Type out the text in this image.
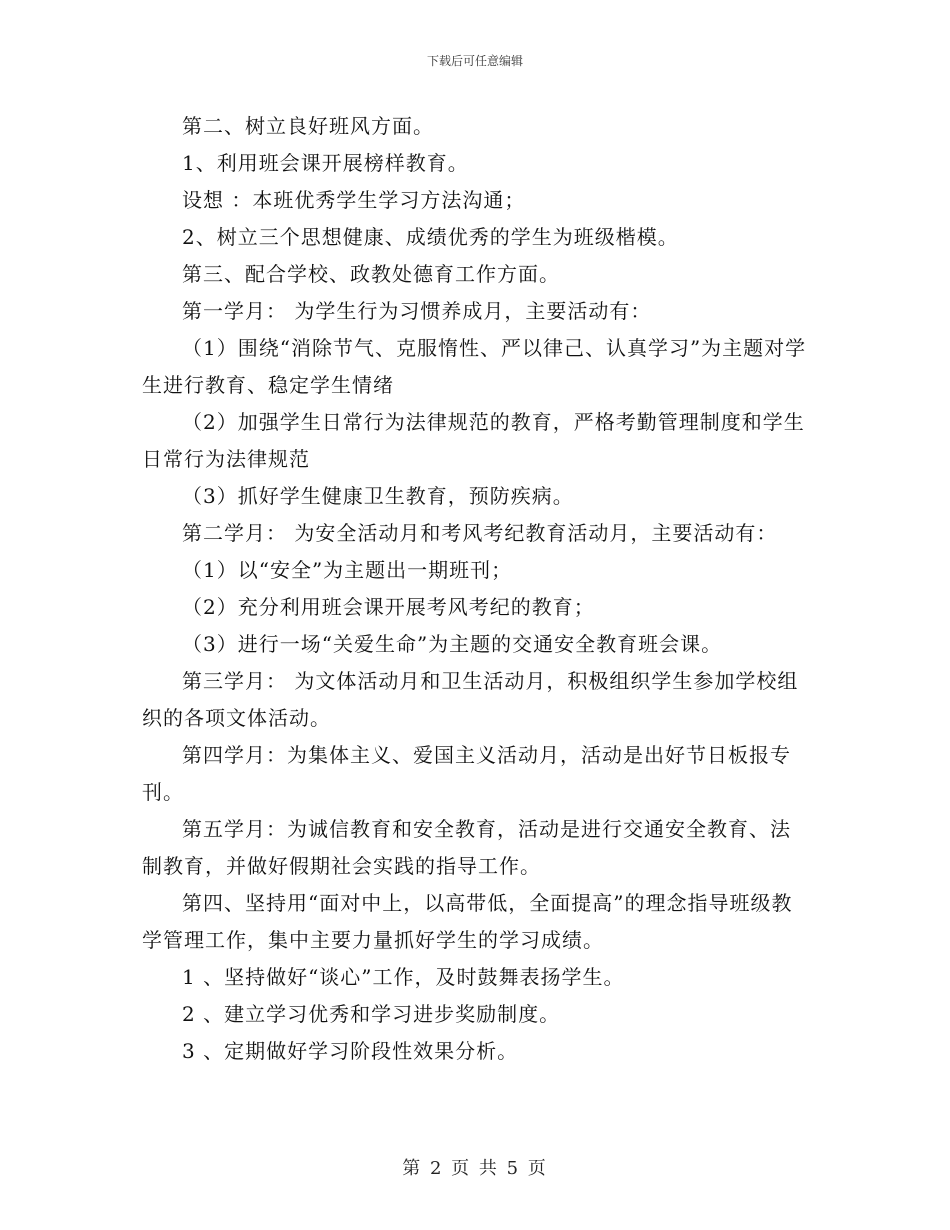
下载后可任意编辑

第二、树立良好班风方面。

1、利用班会课开展榜样教育。

设想 ：本班优秀学生学习方法沟通；

2、树立三个思想健康、成绩优秀的学生为班级楷模。

第三、配合学校、政教处德育工作方面。

第一学月： 为学生行为习惯养成月，主要活动有：

（1）围绕“消除节气、克服惰性、严以律己、认真学习”为主题对学生进行教育、稳定学生情绪

（2）加强学生日常行为法律规范的教育，严格考勤管理制度和学生日常行为法律规范

（3）抓好学生健康卫生教育，预防疾病。

第二学月： 为安全活动月和考风考纪教育活动月，主要活动有：

（1）以“安全”为主题出一期班刊；

（2）充分利用班会课开展考风考纪的教育；

（3）进行一场“关爱生命”为主题的交通安全教育班会课。

第三学月： 为文体活动月和卫生活动月，积极组织学生参加学校组织的各项文体活动。

第四学月：为集体主义、爱国主义活动月，活动是出好节日板报专刊。

第五学月：为诚信教育和安全教育，活动是进行交通安全教育、法制教育，并做好假期社会实践的指导工作。

第四、坚持用“面对中上，以高带低，全面提高”的理念指导班级教学管理工作，集中主要力量抓好学生的学习成绩。

1 、坚持做好“谈心”工作，及时鼓舞表扬学生。

2 、建立学习优秀和学习进步奖励制度。

3 、定期做好学习阶段性效果分析。

第 2 页 共 5 页
